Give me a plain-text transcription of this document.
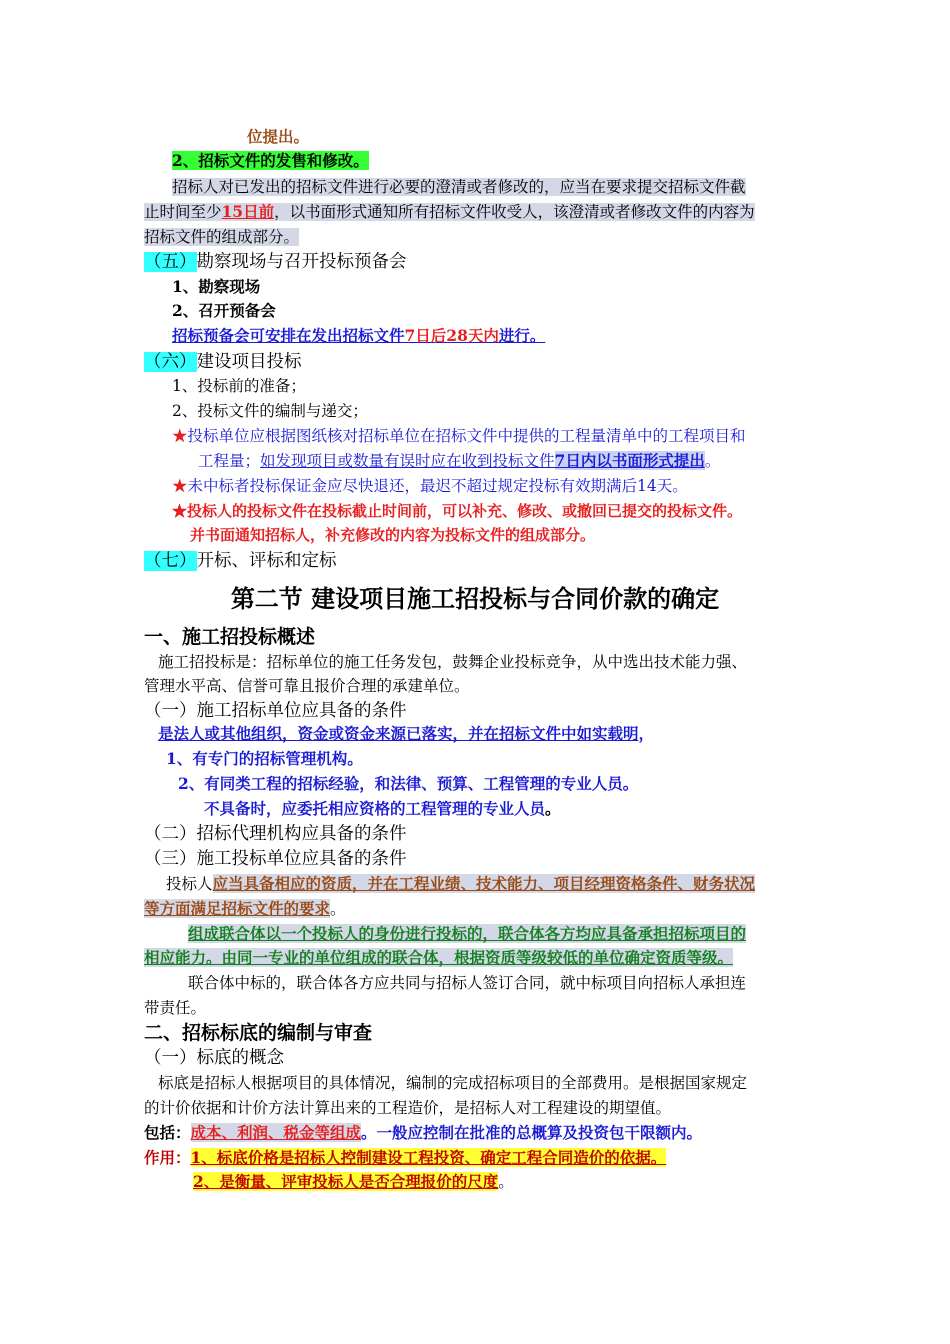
位提出。
2、招标文件的发售和修改。
招标人对已发出的招标文件进行必要的澄清或者修改的，应当在要求提交招标文件截
止时间至少15日前，以书面形式通知所有招标文件收受人，该澄清或者修改文件的内容为
招标文件的组成部分。
（五）勘察现场与召开投标预备会
1、勘察现场
2、召开预备会
招标预备会可安排在发出招标文件7日后28天内进行。
（六）建设项目投标
1、投标前的准备；
2、投标文件的编制与递交；
★投标单位应根据图纸核对招标单位在招标文件中提供的工程量清单中的工程项目和
工程量；如发现项目或数量有误时应在收到投标文件7日内以书面形式提出。
★未中标者投标保证金应尽快退还，最迟不超过规定投标有效期满后14天。
★投标人的投标文件在投标截止时间前，可以补充、修改、或撤回已提交的投标文件。
并书面通知招标人，补充修改的内容为投标文件的组成部分。
（七）开标、评标和定标
第二节 建设项目施工招投标与合同价款的确定
一、施工招投标概述
施工招投标是：招标单位的施工任务发包，鼓舞企业投标竞争，从中选出技术能力强、
管理水平高、信誉可靠且报价合理的承建单位。
（一）施工招标单位应具备的条件
是法人或其他组织，资金或资金来源已落实，并在招标文件中如实载明，
1、有专门的招标管理机构。
2、有同类工程的招标经验，和法律、预算、工程管理的专业人员。
不具备时，应委托相应资格的工程管理的专业人员。
（二）招标代理机构应具备的条件
（三）施工投标单位应具备的条件
投标人应当具备相应的资质，并在工程业绩、技术能力、项目经理资格条件、财务状况
等方面满足招标文件的要求。
组成联合体以一个投标人的身份进行投标的，联合体各方均应具备承担招标项目的
相应能力。由同一专业的单位组成的联合体，根据资质等级较低的单位确定资质等级。
联合体中标的，联合体各方应共同与招标人签订合同，就中标项目向招标人承担连
带责任。
二、招标标底的编制与审查
（一）标底的概念
标底是招标人根据项目的具体情况，编制的完成招标项目的全部费用。是根据国家规定
的计价依据和计价方法计算出来的工程造价，是招标人对工程建设的期望值。
包括：成本、利润、税金等组成。一般应控制在批准的总概算及投资包干限额内。
作用：1、标底价格是招标人控制建设工程投资、确定工程合同造价的依据。
2、是衡量、评审投标人是否合理报价的尺度。
